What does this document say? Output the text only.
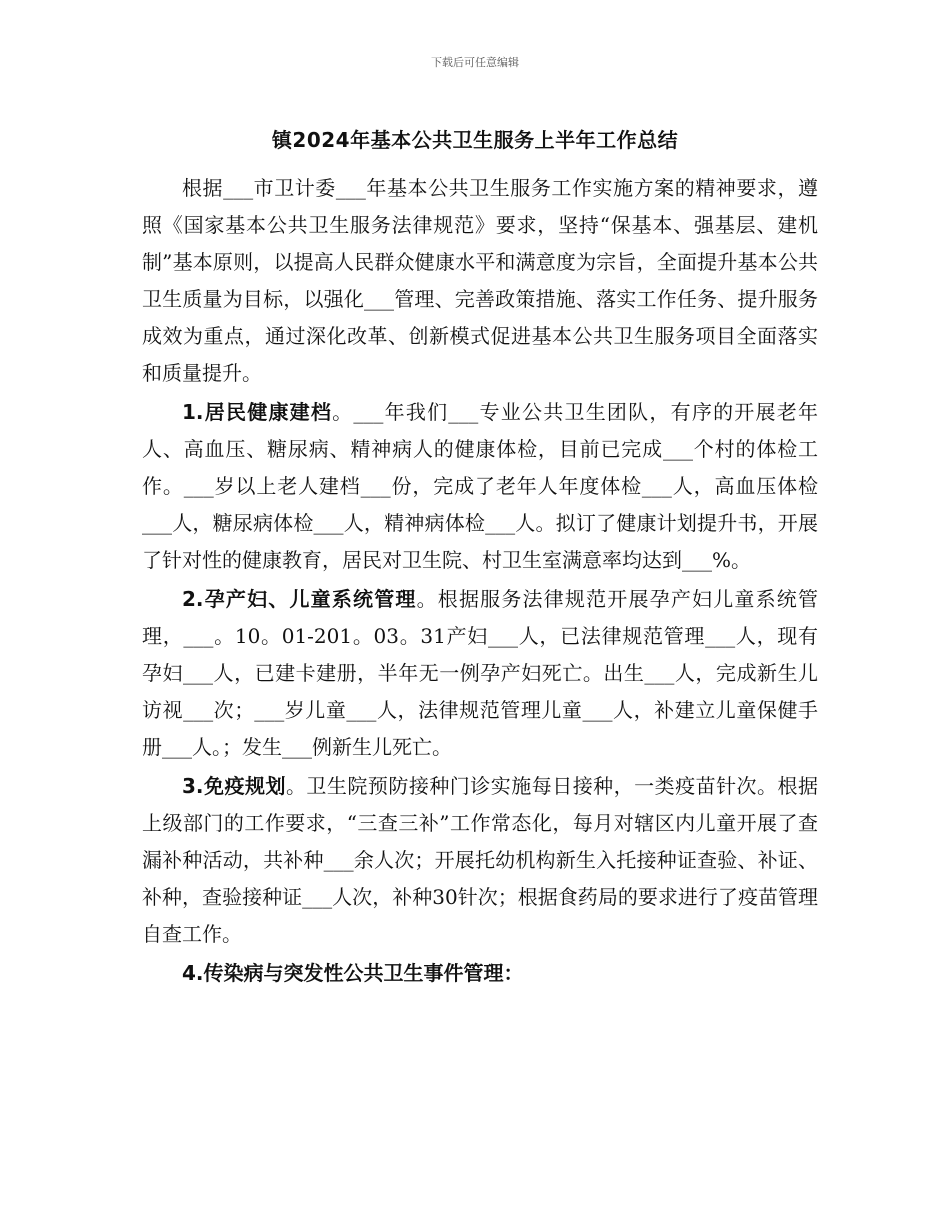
下载后可任意编辑
镇2024年基本公共卫生服务上半年工作总结

根据___市卫计委___年基本公共卫生服务工作实施方案的精神要求，遵照《国家基本公共卫生服务法律规范》要求，坚持“保基本、强基层、建机制”基本原则，以提高人民群众健康水平和满意度为宗旨，全面提升基本公共卫生质量为目标，以强化___管理、完善政策措施、落实工作任务、提升服务成效为重点，通过深化改革、创新模式促进基本公共卫生服务项目全面落实和质量提升。

1.居民健康建档。___年我们___专业公共卫生团队，有序的开展老年人、高血压、糖尿病、精神病人的健康体检，目前已完成___个村的体检工作。___岁以上老人建档___份，完成了老年人年度体检___人，高血压体检___人，糖尿病体检___人，精神病体检___人。拟订了健康计划提升书，开展了针对性的健康教育，居民对卫生院、村卫生室满意率均达到___%。

2.孕产妇、儿童系统管理。根据服务法律规范开展孕产妇儿童系统管理，___。10。01-201。03。31产妇___人，已法律规范管理___人，现有孕妇___人，已建卡建册，半年无一例孕产妇死亡。出生___人，完成新生儿访视___次；___岁儿童___人，法律规范管理儿童___人，补建立儿童保健手册___人。；发生___例新生儿死亡。

3.免疫规划。卫生院预防接种门诊实施每日接种，一类疫苗针次。根据上级部门的工作要求，“三查三补”工作常态化，每月对辖区内儿童开展了查漏补种活动，共补种___余人次；开展托幼机构新生入托接种证查验、补证、补种，查验接种证___人次，补种30针次；根据食药局的要求进行了疫苗管理自查工作。

4.传染病与突发性公共卫生事件管理：
